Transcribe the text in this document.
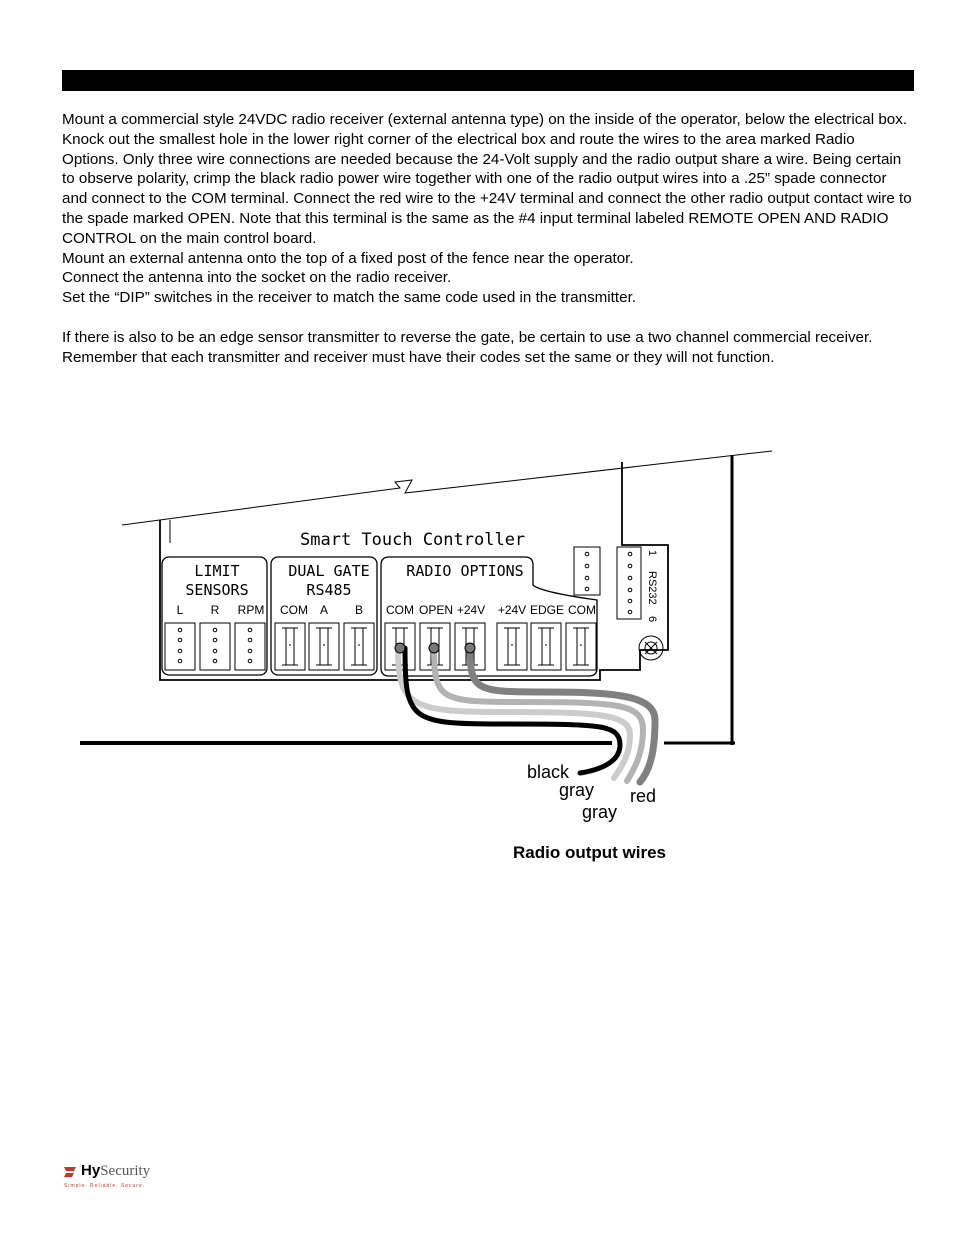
Mount a commercial style 24VDC radio receiver (external antenna type) on the inside of the operator, below the electrical box. Knock out the smallest hole in the lower right corner of the electrical box and route the wires to the area marked Radio Options. Only three wire connections are needed because the 24-Volt supply and the radio output share a wire. Being certain to observe polarity, crimp the black radio power wire together with one of the radio output wires into a .25” spade connector and connect to the COM terminal. Connect the red wire to the +24V terminal and connect the other radio output contact wire to the spade marked OPEN. Note that this terminal is the same as the #4 input terminal labeled REMOTE OPEN AND RADIO CONTROL on the main control board.

Mount an external antenna onto the top of a fixed post of the fence near the operator.

Connect the antenna into the socket on the radio receiver.

Set the “DIP” switches in the receiver to match the same code used in the transmitter.

If there is also to be an edge sensor transmitter to reverse the gate, be certain to use a two channel commercial receiver. Remember that each transmitter and receiver must have their codes set the same or they will not function.

Smart Touch Controller
LIMIT
SENSORS
DUAL GATE
RS485
RADIO OPTIONS
L R RPM COM A B COM OPEN +24V +24V EDGE COM
1
RS232
6
black
gray red
gray
Radio output wires
HySecurity
Simple. Reliable. Secure.
